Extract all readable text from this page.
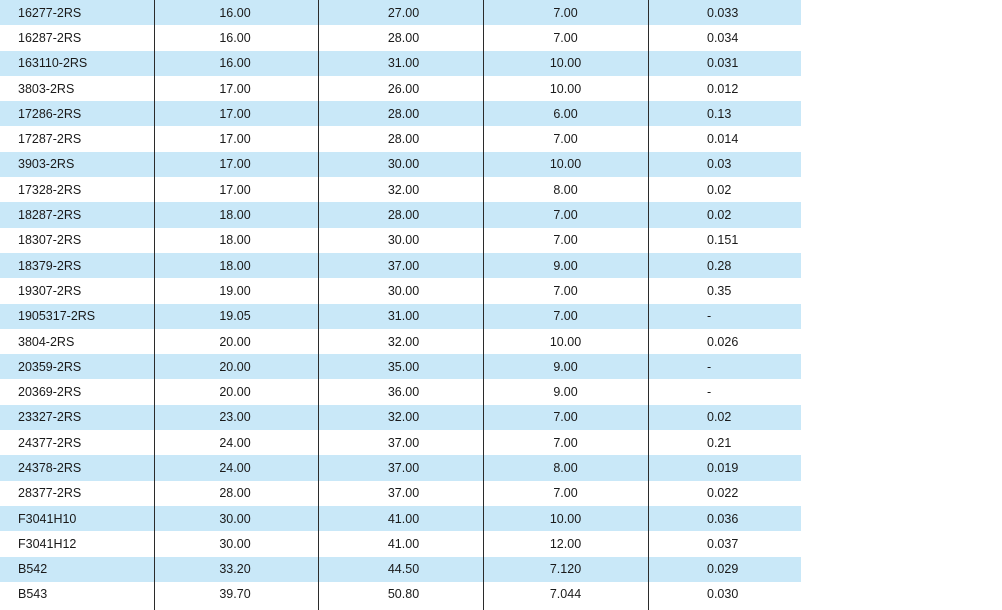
16277-2RS	16.00	27.00	7.00	0.033
16287-2RS	16.00	28.00	7.00	0.034
163110-2RS	16.00	31.00	10.00	0.031
3803-2RS	17.00	26.00	10.00	0.012
17286-2RS	17.00	28.00	6.00	0.13
17287-2RS	17.00	28.00	7.00	0.014
3903-2RS	17.00	30.00	10.00	0.03
17328-2RS	17.00	32.00	8.00	0.02
18287-2RS	18.00	28.00	7.00	0.02
18307-2RS	18.00	30.00	7.00	0.151
18379-2RS	18.00	37.00	9.00	0.28
19307-2RS	19.00	30.00	7.00	0.35
1905317-2RS	19.05	31.00	7.00	-
3804-2RS	20.00	32.00	10.00	0.026
20359-2RS	20.00	35.00	9.00	-
20369-2RS	20.00	36.00	9.00	-
23327-2RS	23.00	32.00	7.00	0.02
24377-2RS	24.00	37.00	7.00	0.21
24378-2RS	24.00	37.00	8.00	0.019
28377-2RS	28.00	37.00	7.00	0.022
F3041H10	30.00	41.00	10.00	0.036
F3041H12	30.00	41.00	12.00	0.037
B542	33.20	44.50	7.120	0.029
B543	39.70	50.80	7.044	0.030
